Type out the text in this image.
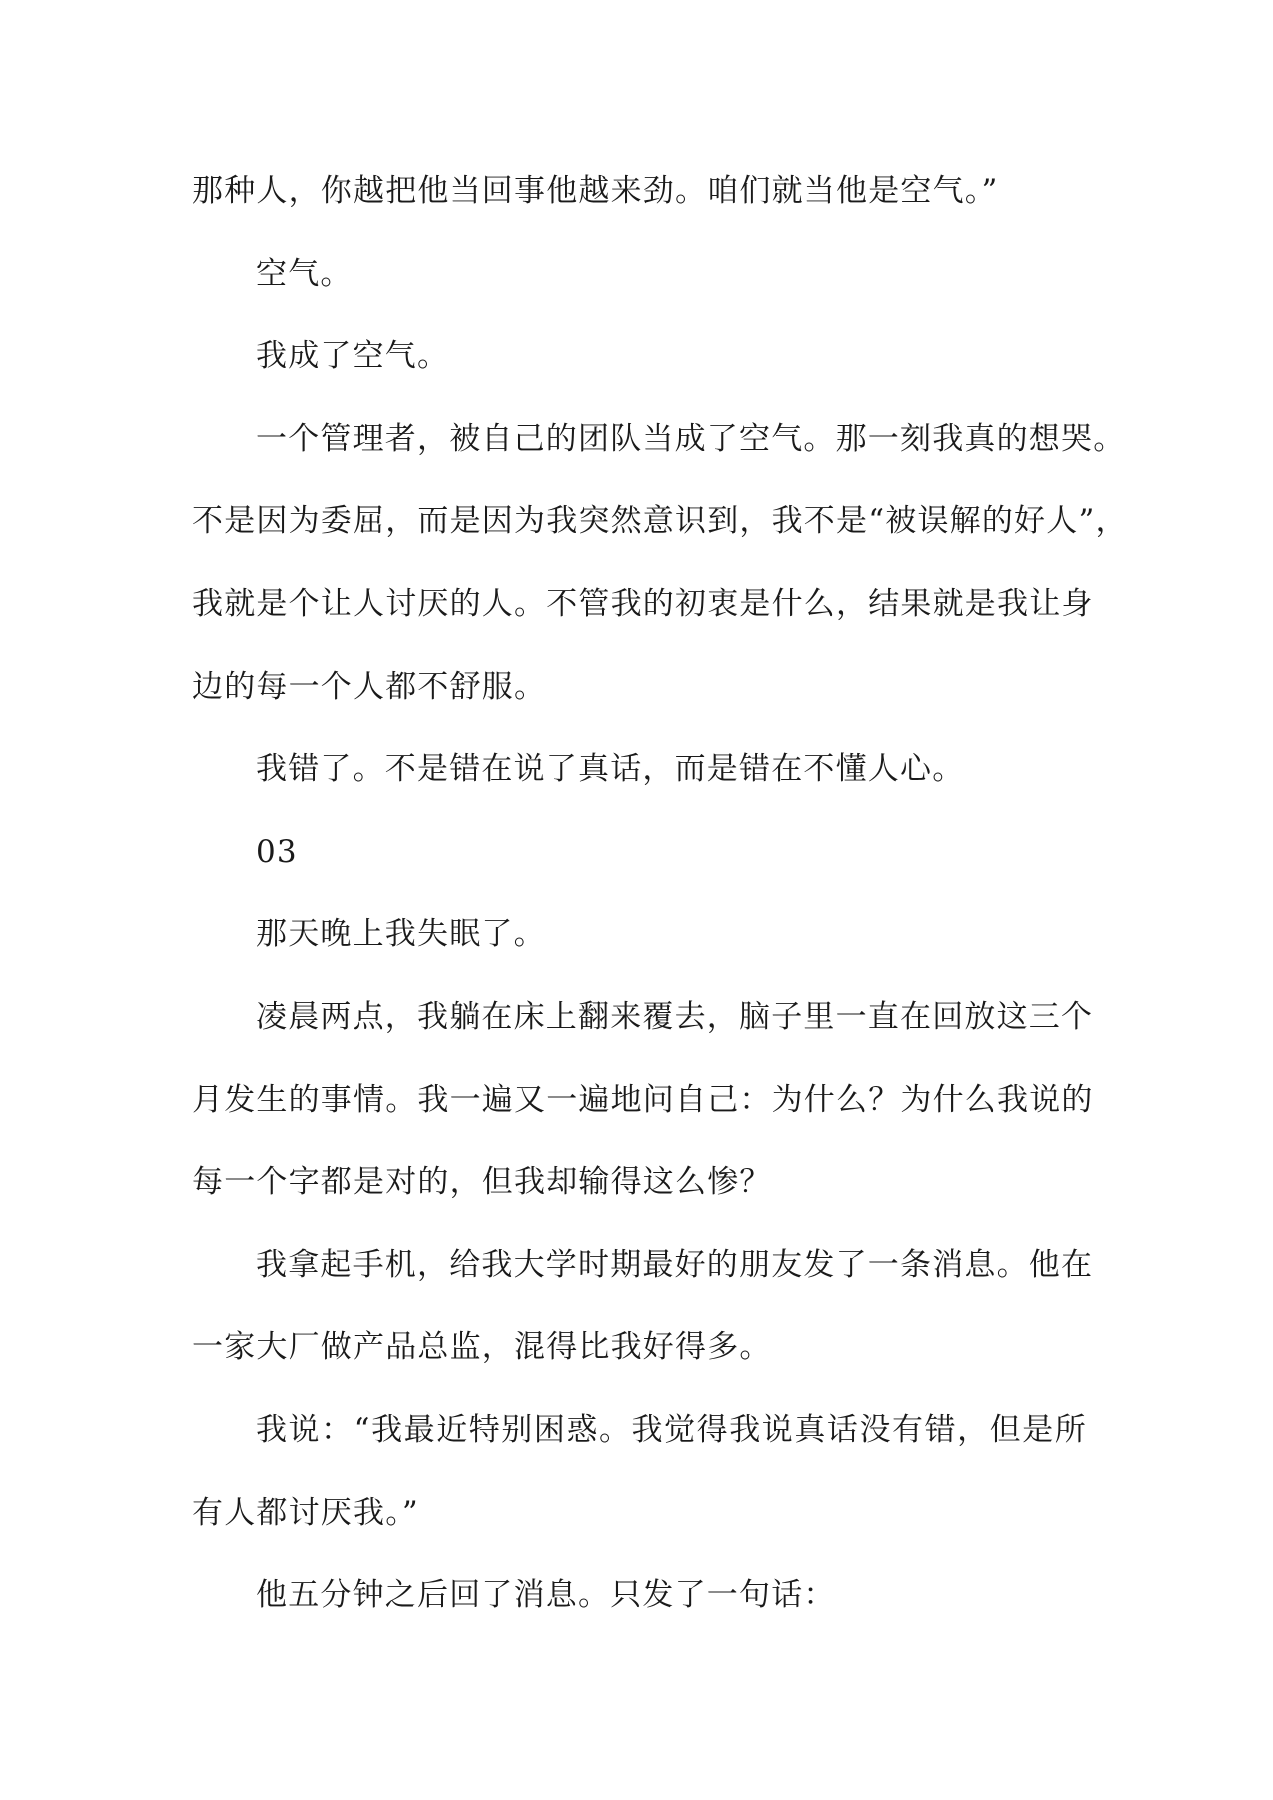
那种人，你越把他当回事他越来劲。咱们就当他是空气。”
空气。
我成了空气。
一个管理者，被自己的团队当成了空气。那一刻我真的想哭。
不是因为委屈，而是因为我突然意识到，我不是“被误解的好人”，
我就是个让人讨厌的人。不管我的初衷是什么，结果就是我让身
边的每一个人都不舒服。
我错了。不是错在说了真话，而是错在不懂人心。
03
那天晚上我失眠了。
凌晨两点，我躺在床上翻来覆去，脑子里一直在回放这三个
月发生的事情。我一遍又一遍地问自己：为什么？为什么我说的
每一个字都是对的，但我却输得这么惨？
我拿起手机，给我大学时期最好的朋友发了一条消息。他在
一家大厂做产品总监，混得比我好得多。
我说：“我最近特别困惑。我觉得我说真话没有错，但是所
有人都讨厌我。”
他五分钟之后回了消息。只发了一句话：
